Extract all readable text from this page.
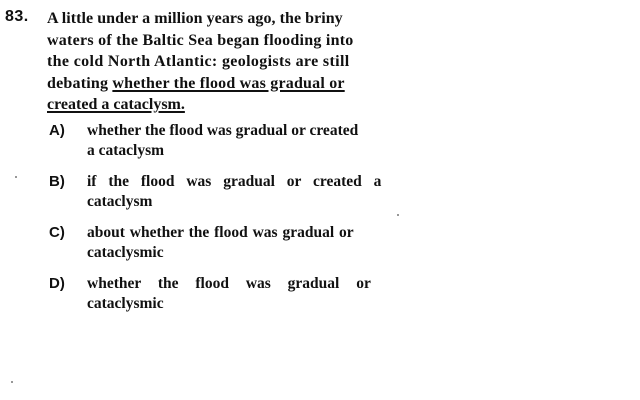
83. A little under a million years ago, the briny
waters of the Baltic Sea began flooding into
the cold North Atlantic: geologists are still
debating whether the flood was gradual or
created a cataclysm.
A) whether the flood was gradual or created
a cataclysm
B) if the flood was gradual or created a
cataclysm
C) about whether the flood was gradual or
cataclysmic
D) whether the flood was gradual or
cataclysmic
